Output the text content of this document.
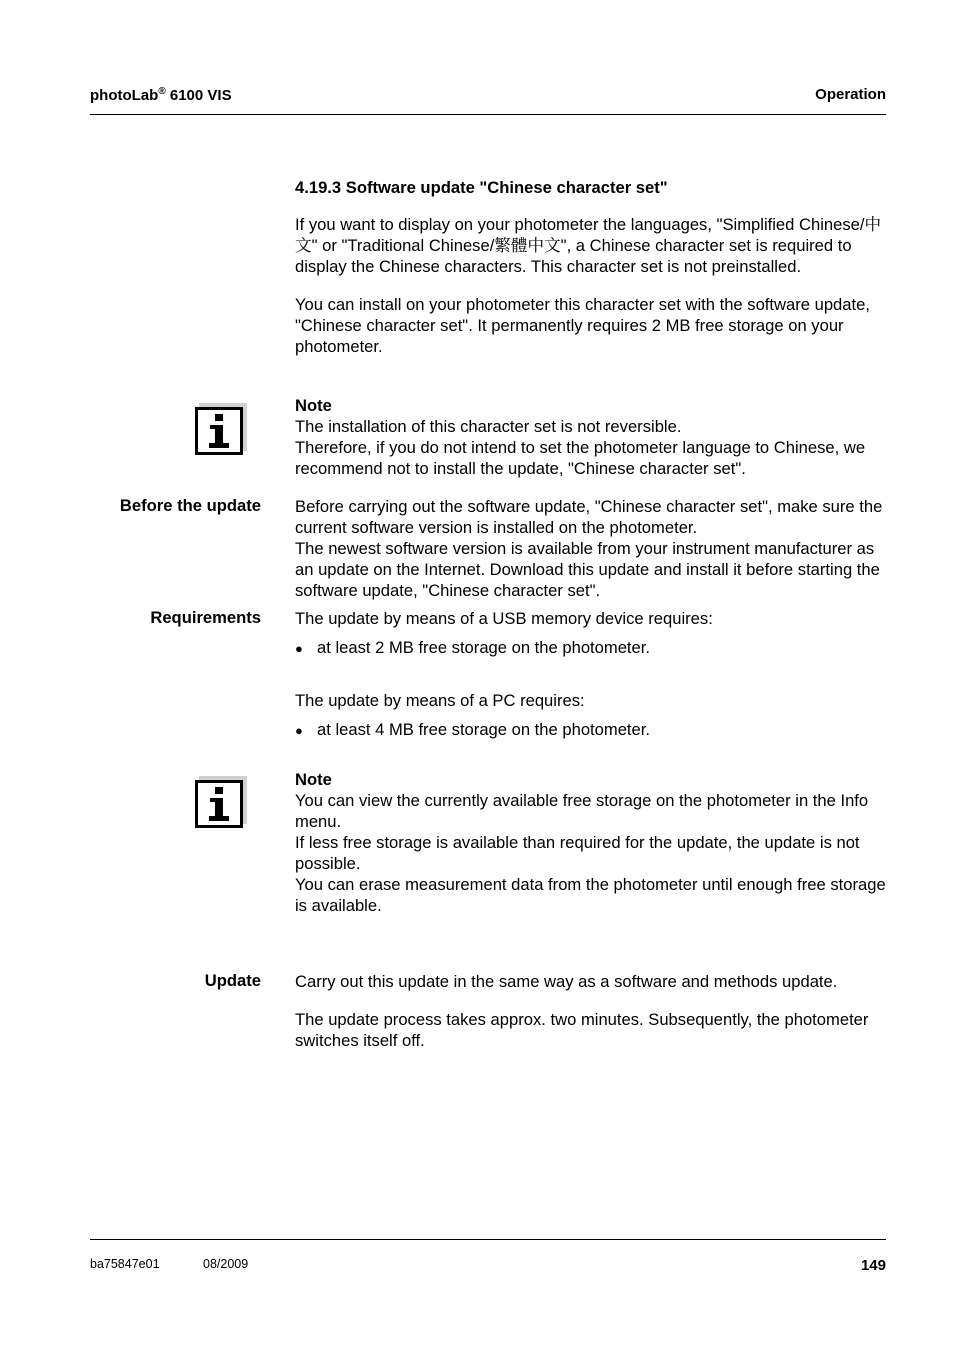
photoLab® 6100 VIS	Operation

4.19.3 Software update "Chinese character set"

If you want to display on your photometer the languages, "Simplified Chinese/中文" or "Traditional Chinese/繁體中文", a Chinese character set is required to display the Chinese characters. This character set is not preinstalled.

You can install on your photometer this character set with the software update, "Chinese character set". It permanently requires 2 MB free storage on your photometer.

Note

The installation of this character set is not reversible.

Therefore, if you do not intend to set the photometer language to Chinese, we recommend not to install the update, "Chinese character set".

Before the update Before carrying out the software update, "Chinese character set", make sure the current software version is installed on the photometer.

The newest software version is available from your instrument manufacturer as an update on the Internet. Download this update and install it before starting the software update, "Chinese character set".

Requirements The update by means of a USB memory device requires:

● at least 2 MB free storage on the photometer.

The update by means of a PC requires:

● at least 4 MB free storage on the photometer.

Note

You can view the currently available free storage on the photometer in the Info menu.

If less free storage is available than required for the update, the update is not possible.

You can erase measurement data from the photometer until enough free storage is available.

Update Carry out this update in the same way as a software and methods update.

The update process takes approx. two minutes. Subsequently, the photometer switches itself off.

ba75847e01	08/2009	149
